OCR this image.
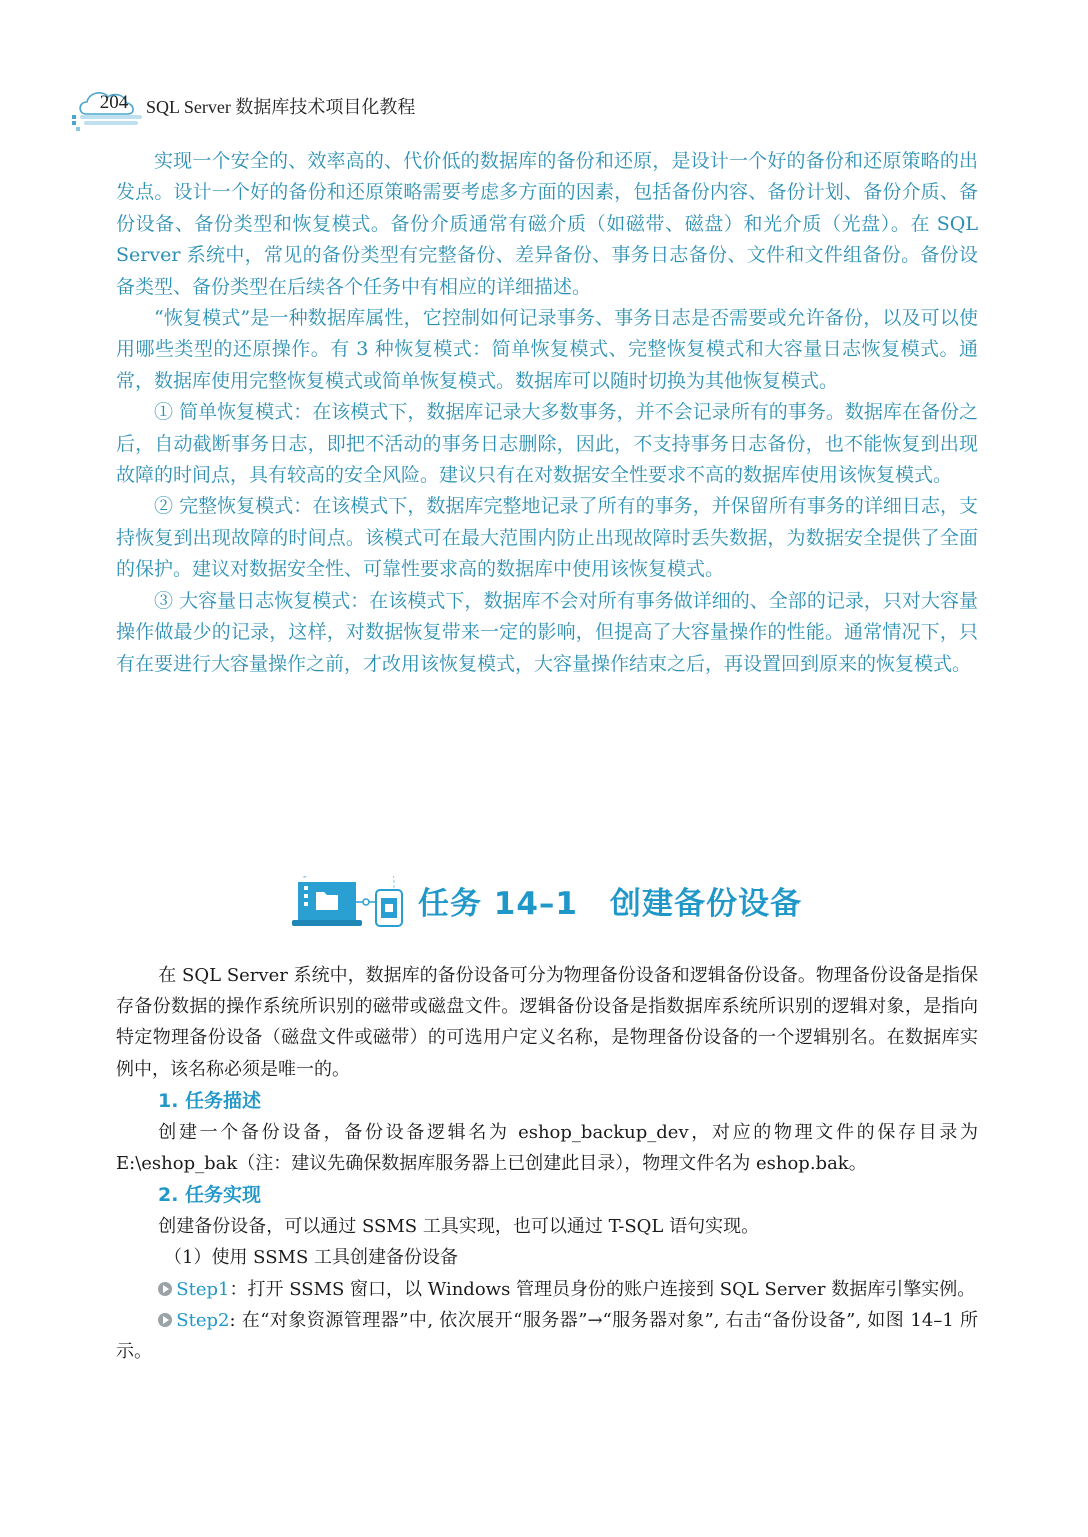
204 SQL Server 数据库技术项目化教程

实现一个安全的、效率高的、代价低的数据库的备份和还原，是设计一个好的备份和还原策略的出发点。设计一个好的备份和还原策略需要考虑多方面的因素，包括备份内容、备份计划、备份介质、备份设备、备份类型和恢复模式。备份介质通常有磁介质（如磁带、磁盘）和光介质（光盘）。在 SQL Server 系统中，常见的备份类型有完整备份、差异备份、事务日志备份、文件和文件组备份。备份设备类型、备份类型在后续各个任务中有相应的详细描述。

“恢复模式”是一种数据库属性，它控制如何记录事务、事务日志是否需要或允许备份，以及可以使用哪些类型的还原操作。有 3 种恢复模式：简单恢复模式、完整恢复模式和大容量日志恢复模式。通常，数据库使用完整恢复模式或简单恢复模式。数据库可以随时切换为其他恢复模式。

① 简单恢复模式：在该模式下，数据库记录大多数事务，并不会记录所有的事务。数据库在备份之后，自动截断事务日志，即把不活动的事务日志删除，因此，不支持事务日志备份，也不能恢复到出现故障的时间点，具有较高的安全风险。建议只有在对数据安全性要求不高的数据库使用该恢复模式。

② 完整恢复模式：在该模式下，数据库完整地记录了所有的事务，并保留所有事务的详细日志，支持恢复到出现故障的时间点。该模式可在最大范围内防止出现故障时丢失数据，为数据安全提供了全面的保护。建议对数据安全性、可靠性要求高的数据库中使用该恢复模式。

③ 大容量日志恢复模式：在该模式下，数据库不会对所有事务做详细的、全部的记录，只对大容量操作做最少的记录，这样，对数据恢复带来一定的影响，但提高了大容量操作的性能。通常情况下，只有在要进行大容量操作之前，才改用该恢复模式，大容量操作结束之后，再设置回到原来的恢复模式。

任务 14–1　创建备份设备

在 SQL Server 系统中，数据库的备份设备可分为物理备份设备和逻辑备份设备。物理备份设备是指保存备份数据的操作系统所识别的磁带或磁盘文件。逻辑备份设备是指数据库系统所识别的逻辑对象，是指向特定物理备份设备（磁盘文件或磁带）的可选用户定义名称，是物理备份设备的一个逻辑别名。在数据库实例中，该名称必须是唯一的。

1. 任务描述

创建一个备份设备，备份设备逻辑名为 eshop_backup_dev，对应的物理文件的保存目录为 E:\eshop_bak（注：建议先确保数据库服务器上已创建此目录），物理文件名为 eshop.bak。

2. 任务实现

创建备份设备，可以通过 SSMS 工具实现，也可以通过 T-SQL 语句实现。

（1）使用 SSMS 工具创建备份设备

Step1：打开 SSMS 窗口，以 Windows 管理员身份的账户连接到 SQL Server 数据库引擎实例。

Step2: 在“对象资源管理器”中, 依次展开“服务器”→“服务器对象”, 右击“备份设备”, 如图 14–1 所示。
